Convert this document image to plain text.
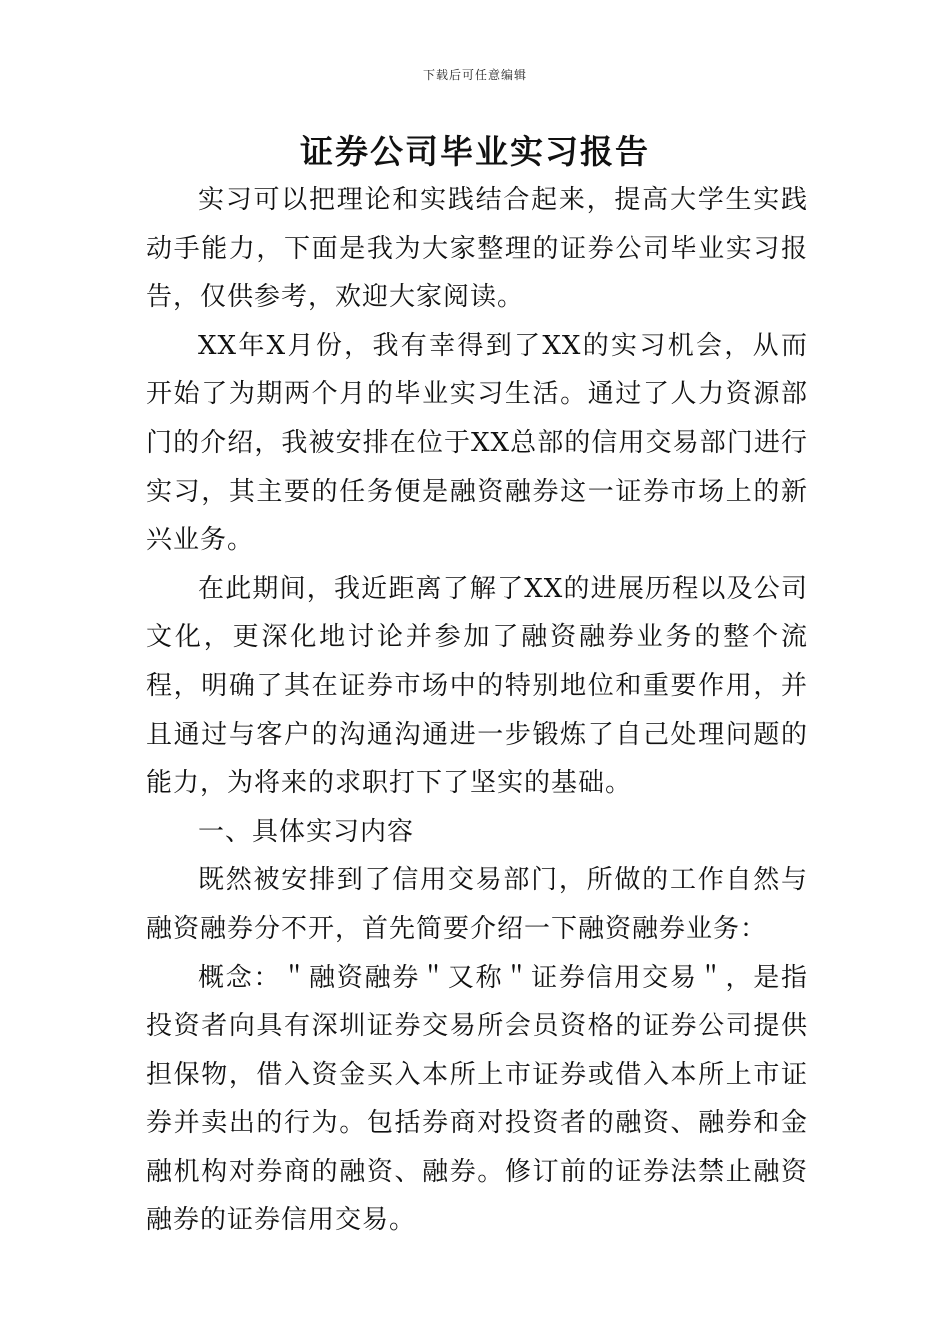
下载后可任意编辑
证券公司毕业实习报告

实习可以把理论和实践结合起来，提高大学生实践动手能力，下面是我为大家整理的证券公司毕业实习报告，仅供参考，欢迎大家阅读。

XX年X月份，我有幸得到了XX的实习机会，从而开始了为期两个月的毕业实习生活。通过了人力资源部门的介绍，我被安排在位于XX总部的信用交易部门进行实习，其主要的任务便是融资融券这一证券市场上的新兴业务。

在此期间，我近距离了解了XX的进展历程以及公司文化，更深化地讨论并参加了融资融券业务的整个流程，明确了其在证券市场中的特别地位和重要作用，并且通过与客户的沟通沟通进一步锻炼了自己处理问题的能力，为将来的求职打下了坚实的基础。

一、具体实习内容

既然被安排到了信用交易部门，所做的工作自然与融资融券分不开，首先简要介绍一下融资融券业务：

概念：＂融资融券＂又称＂证券信用交易＂，是指投资者向具有深圳证券交易所会员资格的证券公司提供担保物，借入资金买入本所上市证券或借入本所上市证券并卖出的行为。包括券商对投资者的融资、融券和金融机构对券商的融资、融券。修订前的证券法禁止融资融券的证券信用交易。
